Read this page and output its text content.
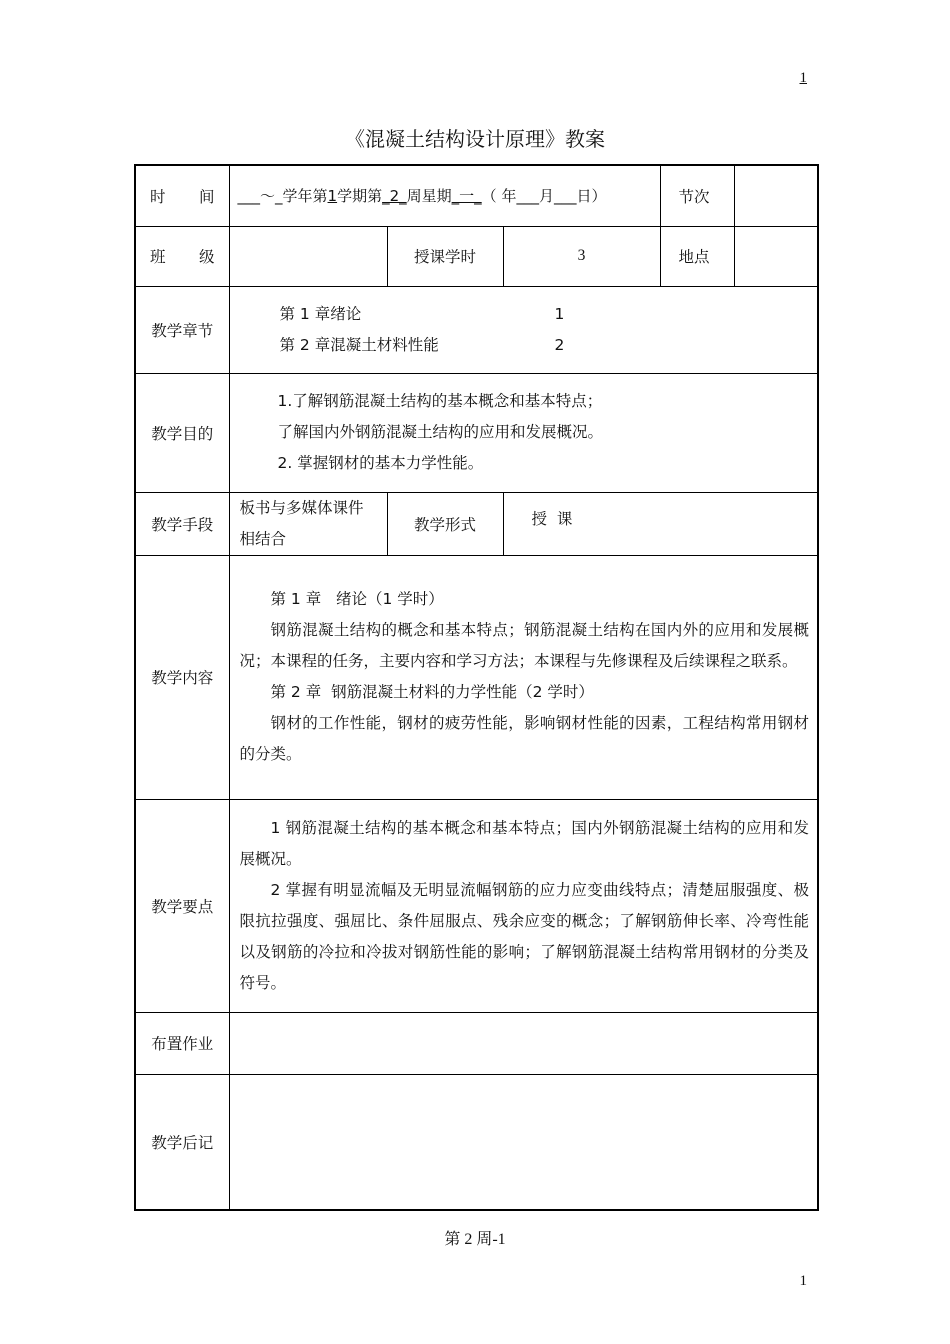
1
《混凝土结构设计原理》教案
时 间	___～_学年第1学期第_2_周星期_一_（ 年___月___日）			节次	

班 级		授课学时	3	地点	
教学章节	第 1 章绪论 1
第 2 章混凝土材料性能 2				

教学目的	1.了解钢筋混凝土结构的基本概念和基本特点；

了解国内外钢筋混凝土结构的应用和发展概况。

2. 掌握钢材的基本力学性能。				

教学手段	板书与多媒体课件相结合	教学形式	授  课		
教学内容	第 1 章   绪论（1 学时）

钢筋混凝土结构的概念和基本特点；钢筋混凝土结构在国内外的应用和发展概况；本课程的任务，主要内容和学习方法；本课程与先修课程及后续课程之联系。

第 2 章  钢筋混凝土材料的力学性能（2 学时）

钢材的工作性能，钢材的疲劳性能，影响钢材性能的因素，工程结构常用钢材的分类。				

教学要点	1 钢筋混凝土结构的基本概念和基本特点；国内外钢筋混凝土结构的应用和发展概况。

2 掌握有明显流幅及无明显流幅钢筋的应力应变曲线特点；清楚屈服强度、极限抗拉强度、强屈比、条件屈服点、残余应变的概念；了解钢筋伸长率、冷弯性能以及钢筋的冷拉和冷拔对钢筋性能的影响；了解钢筋混凝土结构常用钢材的分类及符号。				

布置作业					
教学后记					
第 2 周-1
1
